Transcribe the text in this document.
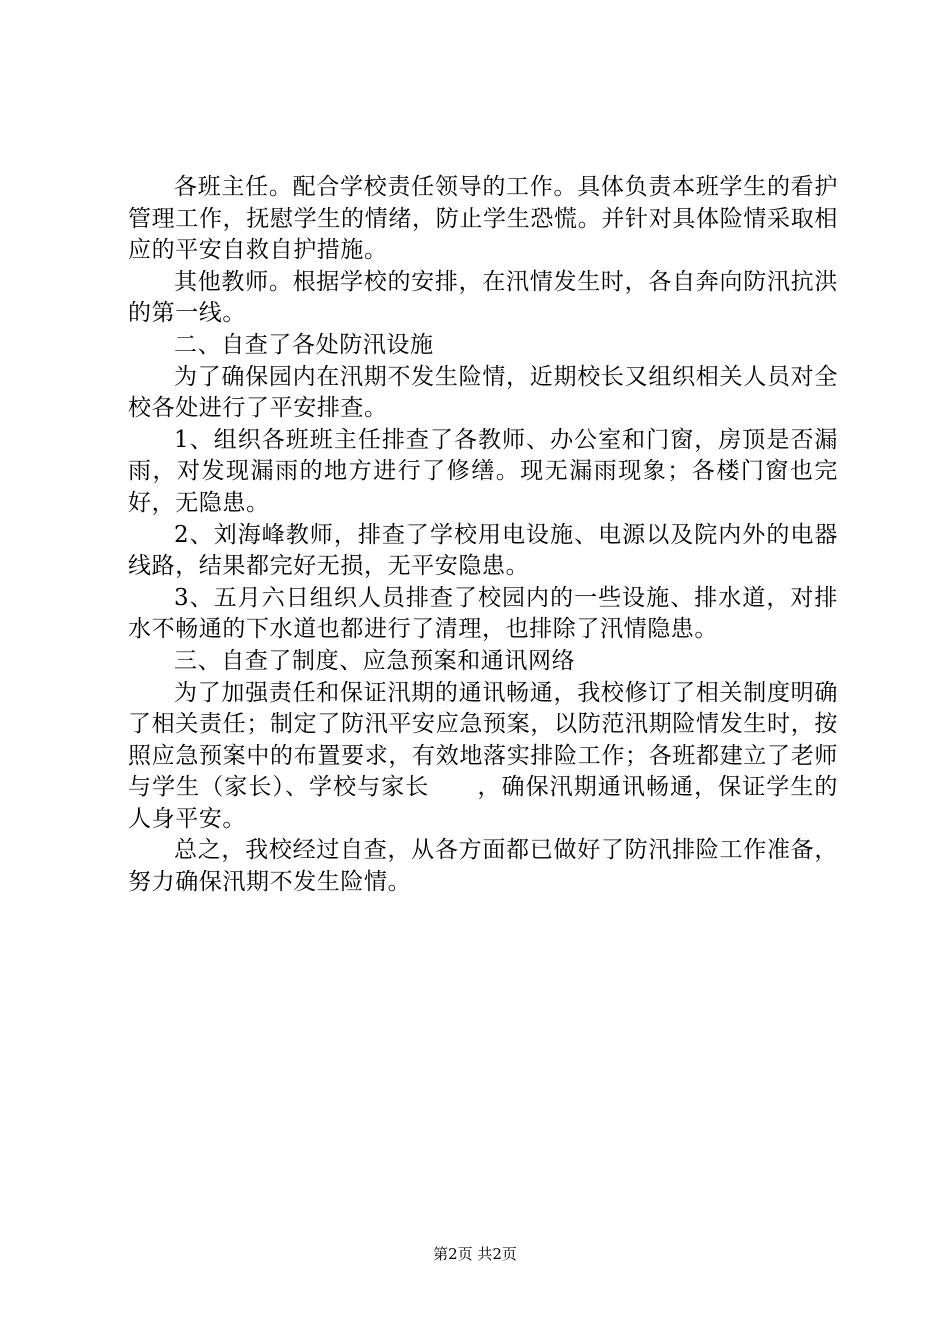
各班主任。配合学校责任领导的工作。具体负责本班学生的看护管理工作，抚慰学生的情绪，防止学生恐慌。并针对具体险情采取相应的平安自救自护措施。

其他教师。根据学校的安排，在汛情发生时，各自奔向防汛抗洪的第一线。

二、自查了各处防汛设施

为了确保园内在汛期不发生险情，近期校长又组织相关人员对全校各处进行了平安排查。

1、组织各班班主任排查了各教师、办公室和门窗，房顶是否漏雨，对发现漏雨的地方进行了修缮。现无漏雨现象；各楼门窗也完好，无隐患。

2、刘海峰教师，排查了学校用电设施、电源以及院内外的电器线路，结果都完好无损，无平安隐患。

3、五月六日组织人员排查了校园内的一些设施、排水道，对排水不畅通的下水道也都进行了清理，也排除了汛情隐患。

三、自查了制度、应急预案和通讯网络

为了加强责任和保证汛期的通讯畅通，我校修订了相关制度明确了相关责任；制定了防汛平安应急预案，以防范汛期险情发生时，按照应急预案中的布置要求，有效地落实排险工作；各班都建立了老师与学生（家长）、学校与家长　　，确保汛期通讯畅通，保证学生的人身平安。

总之，我校经过自查，从各方面都已做好了防汛排险工作准备，努力确保汛期不发生险情。

第2页 共2页
